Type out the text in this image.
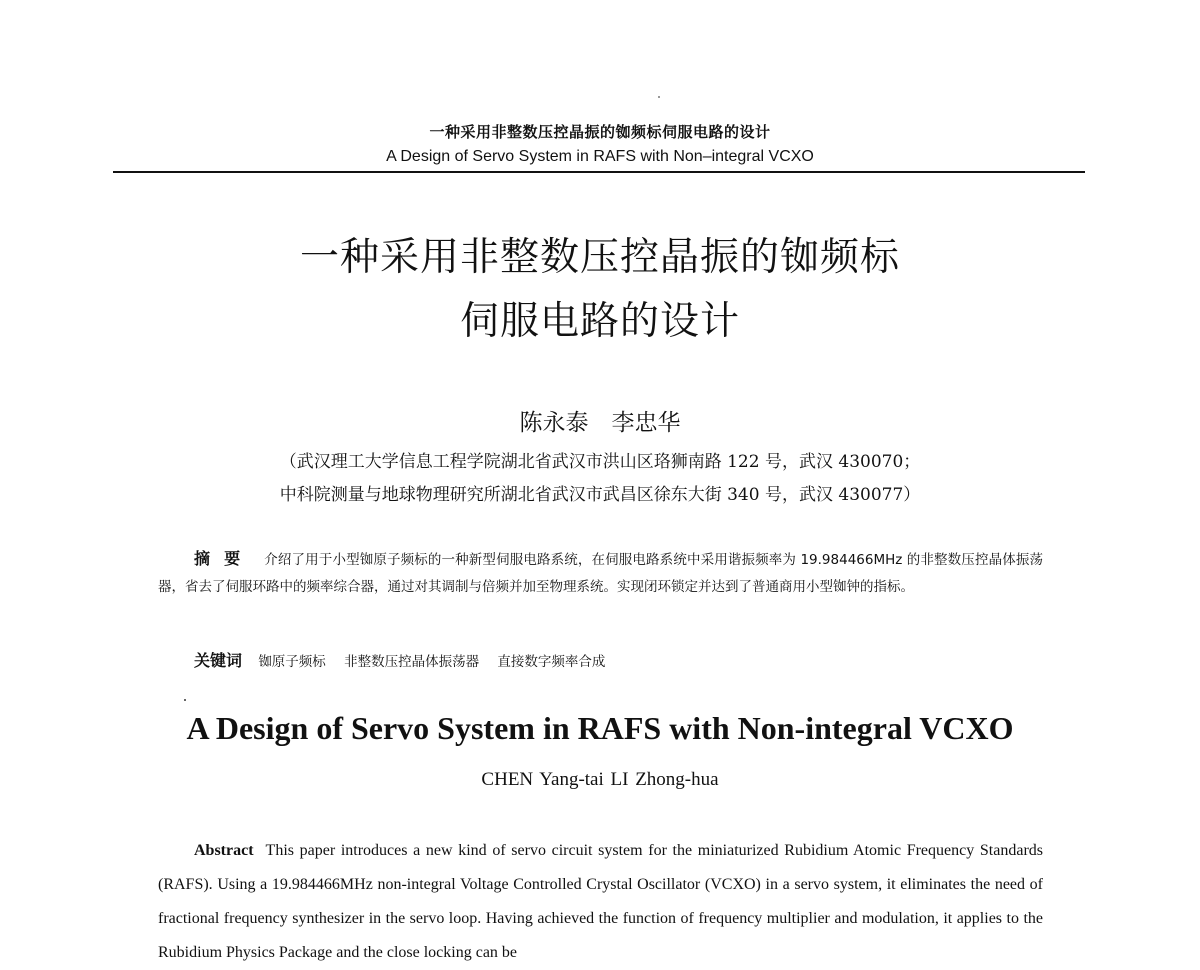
一种采用非整数压控晶振的铷频标伺服电路的设计
A Design of Servo System in RAFS with Non–integral VCXO
一种采用非整数压控晶振的铷频标
伺服电路的设计
陈永泰　李忠华
（武汉理工大学信息工程学院湖北省武汉市洪山区珞狮南路 122 号，武汉 430070；
中科院测量与地球物理研究所湖北省武汉市武昌区徐东大街 340 号，武汉 430077）
摘要 介绍了用于小型铷原子频标的一种新型伺服电路系统，在伺服电路系统中采用谐振频率为 19.984466MHz 的非整数压控晶体振荡器，省去了伺服环路中的频率综合器，通过对其调制与倍频并加至物理系统。实现闭环锁定并达到了普通商用小型铷钟的指标。
关键词 铷原子频标 非整数压控晶体振荡器 直接数字频率合成
A Design of Servo System in RAFS with Non-integral VCXO
CHEN Yang-tai LI Zhong-hua
Abstract This paper introduces a new kind of servo circuit system for the miniaturized Rubidium Atomic Frequency Standards (RAFS). Using a 19.984466MHz non-integral Voltage Controlled Crystal Oscillator (VCXO) in a servo system, it eliminates the need of fractional frequency synthesizer in the servo loop. Having achieved the function of frequency multiplier and modulation, it applies to the Rubidium Physics Package and the close locking can be
